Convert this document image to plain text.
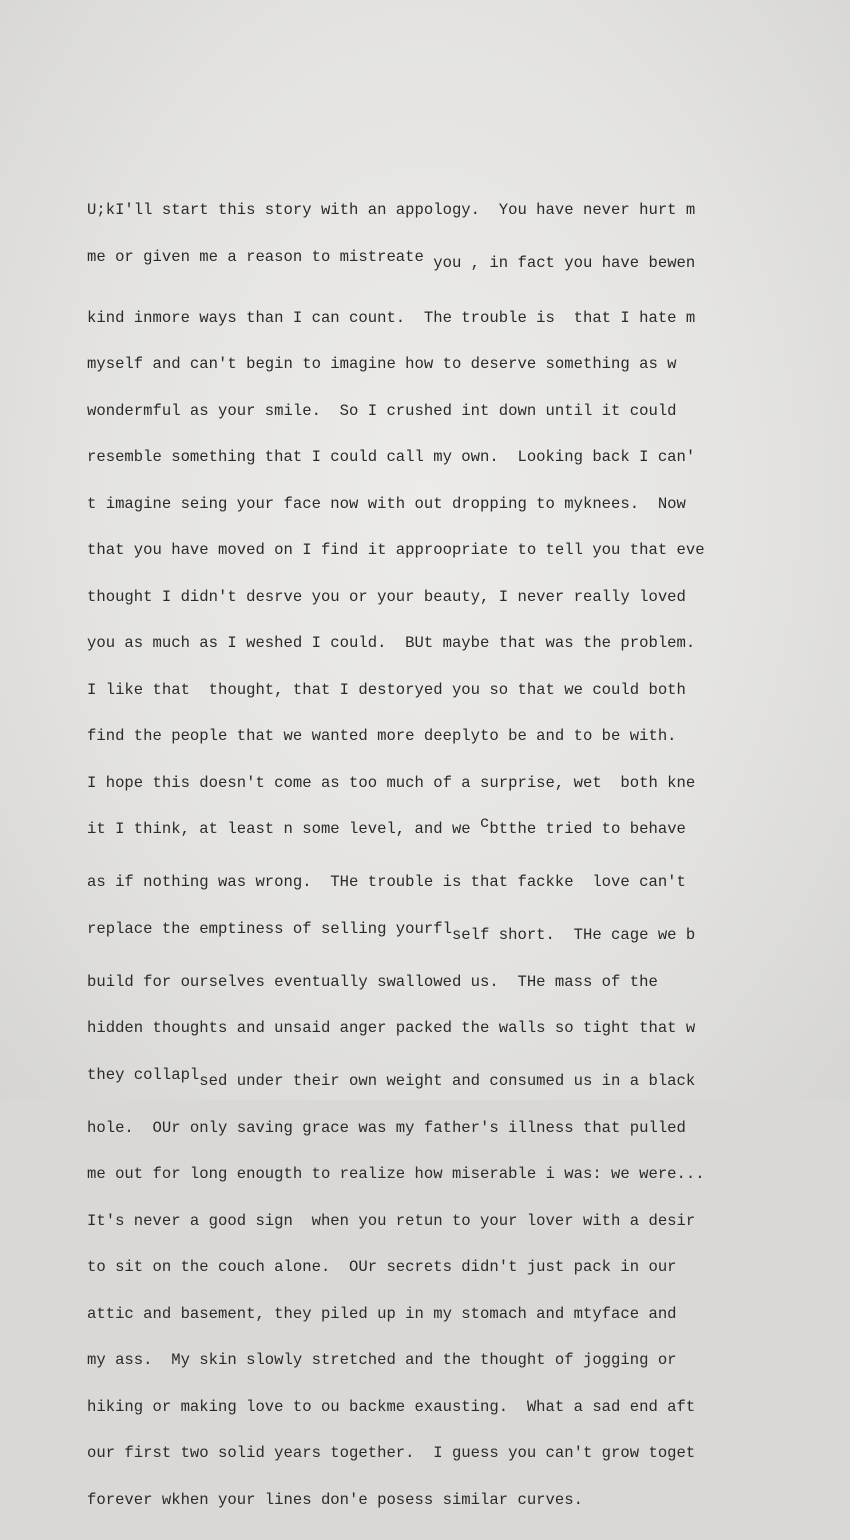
U;kI'll start this story with an appology.  You have never hurt m

me or given me a reason to mistreate you , in fact you have bewen

kind inmore ways than I can count.  The trouble is  that I hate m

myself and can't begin to imagine how to deserve something as w

wondermful as your smile.  So I crushed int down until it could

resemble something that I could call my own.  Looking back I can'

t imagine seing your face now with out dropping to myknees.  Now

that you have moved on I find it approopriate to tell you that eve

thought I didn't desrve you or your beauty, I never really loved

you as much as I weshed I could.  BUt maybe that was the problem.

I like that  thought, that I destoryed you so that we could both

find the people that we wanted more deeplyto be and to be with.

I hope this doesn't come as too much of a surprise, wet  both kne

it I think, at least n some level, and we cbtthe tried to behave

as if nothing was wrong.  THe trouble is that fackke  love can't

replace the emptiness of selling yourflself short.  THe cage we b

build for ourselves eventually swallowed us.  THe mass of the

hidden thoughts and unsaid anger packed the walls so tight that w

they collaplsed under their own weight and consumed us in a black

hole.  OUr only saving grace was my father's illness that pulled

me out for long enougth to realize how miserable i was: we were...

It's never a good sign  when you retun to your lover with a desir

to sit on the couch alone.  OUr secrets didn't just pack in our

attic and basement, they piled up in my stomach and mtyface and

my ass.  My skin slowly stretched and the thought of jogging or

hiking or making love to ou backme exausting.  What a sad end aft

our first two solid years together.  I guess you can't grow toget

forever wkhen your lines don'e posess similar curves.
